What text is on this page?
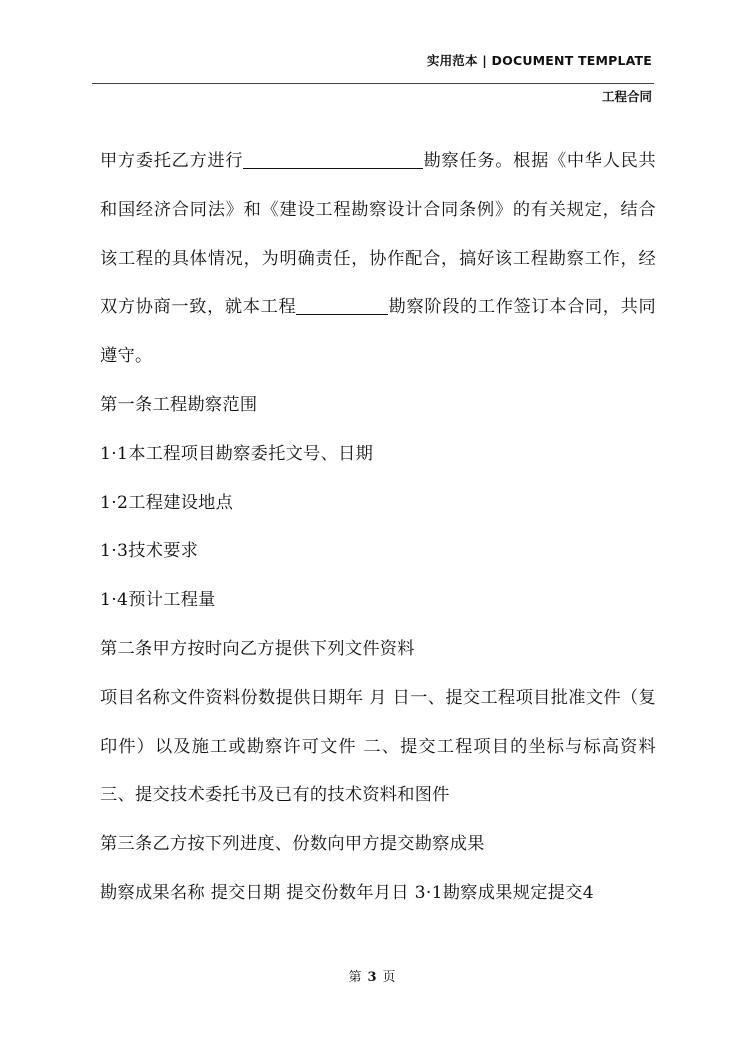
实用范本 | DOCUMENT TEMPLATE
工程合同

甲方委托乙方进行	勘察任务。根据《中华人民共和国经济合同法》和《建设工程勘察设计合同条例》的有关规定，结合该工程的具体情况，为明确责任，协作配合，搞好该工程勘察工作，经双方协商一致，就本工程	勘察阶段的工作签订本合同，共同遵守。

第一条工程勘察范围

1·1本工程项目勘察委托文号、日期

1·2工程建设地点

1·3技术要求

1·4预计工程量

第二条甲方按时向乙方提供下列文件资料

项目名称文件资料份数提供日期年 月 日一、提交工程项目批准文件（复印件）以及施工或勘察许可文件 二、提交工程项目的坐标与标高资料 三、提交技术委托书及已有的技术资料和图件

第三条乙方按下列进度、份数向甲方提交勘察成果

勘察成果名称 提交日期 提交份数年月日 3·1勘察成果规定提交4

第 3 页
